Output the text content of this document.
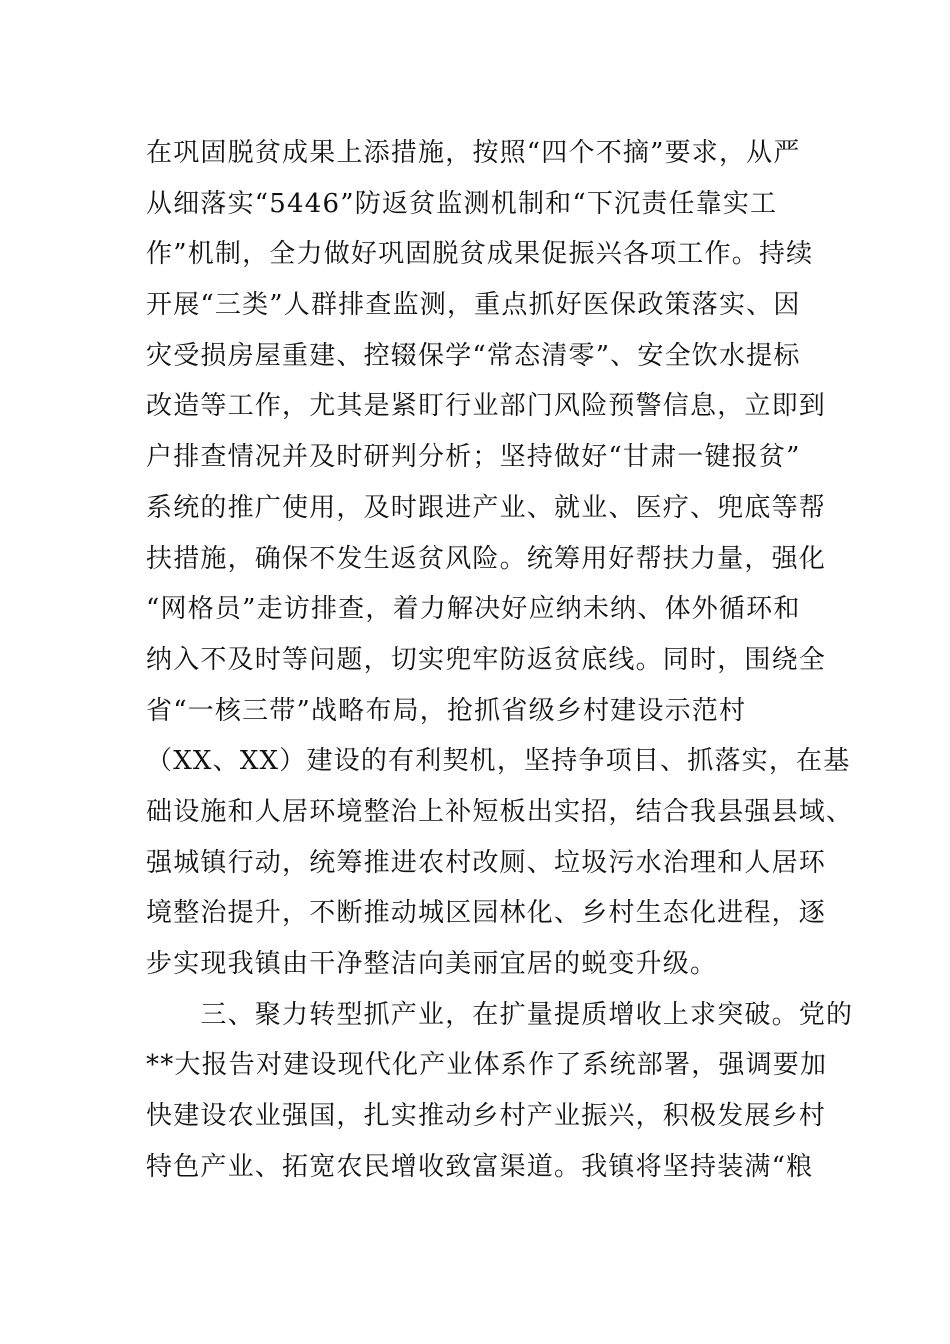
在巩固脱贫成果上添措施，按照“四个不摘”要求，从严
从细落实“5446”防返贫监测机制和“下沉责任靠实工
作”机制，全力做好巩固脱贫成果促振兴各项工作。持续
开展“三类”人群排查监测，重点抓好医保政策落实、因
灾受损房屋重建、控辍保学“常态清零”、安全饮水提标
改造等工作，尤其是紧盯行业部门风险预警信息，立即到
户排查情况并及时研判分析；坚持做好“甘肃一键报贫”
系统的推广使用，及时跟进产业、就业、医疗、兜底等帮
扶措施，确保不发生返贫风险。统筹用好帮扶力量，强化
“网格员”走访排查，着力解决好应纳未纳、体外循环和
纳入不及时等问题，切实兜牢防返贫底线。同时，围绕全
省“一核三带”战略布局，抢抓省级乡村建设示范村
（XX、XX）建设的有利契机，坚持争项目、抓落实，在基
础设施和人居环境整治上补短板出实招，结合我县强县域、
强城镇行动，统筹推进农村改厕、垃圾污水治理和人居环
境整治提升，不断推动城区园林化、乡村生态化进程，逐
步实现我镇由干净整洁向美丽宜居的蜕变升级。
　　三、聚力转型抓产业，在扩量提质增收上求突破。党的
**大报告对建设现代化产业体系作了系统部署，强调要加
快建设农业强国，扎实推动乡村产业振兴，积极发展乡村
特色产业、拓宽农民增收致富渠道。我镇将坚持装满“粮
